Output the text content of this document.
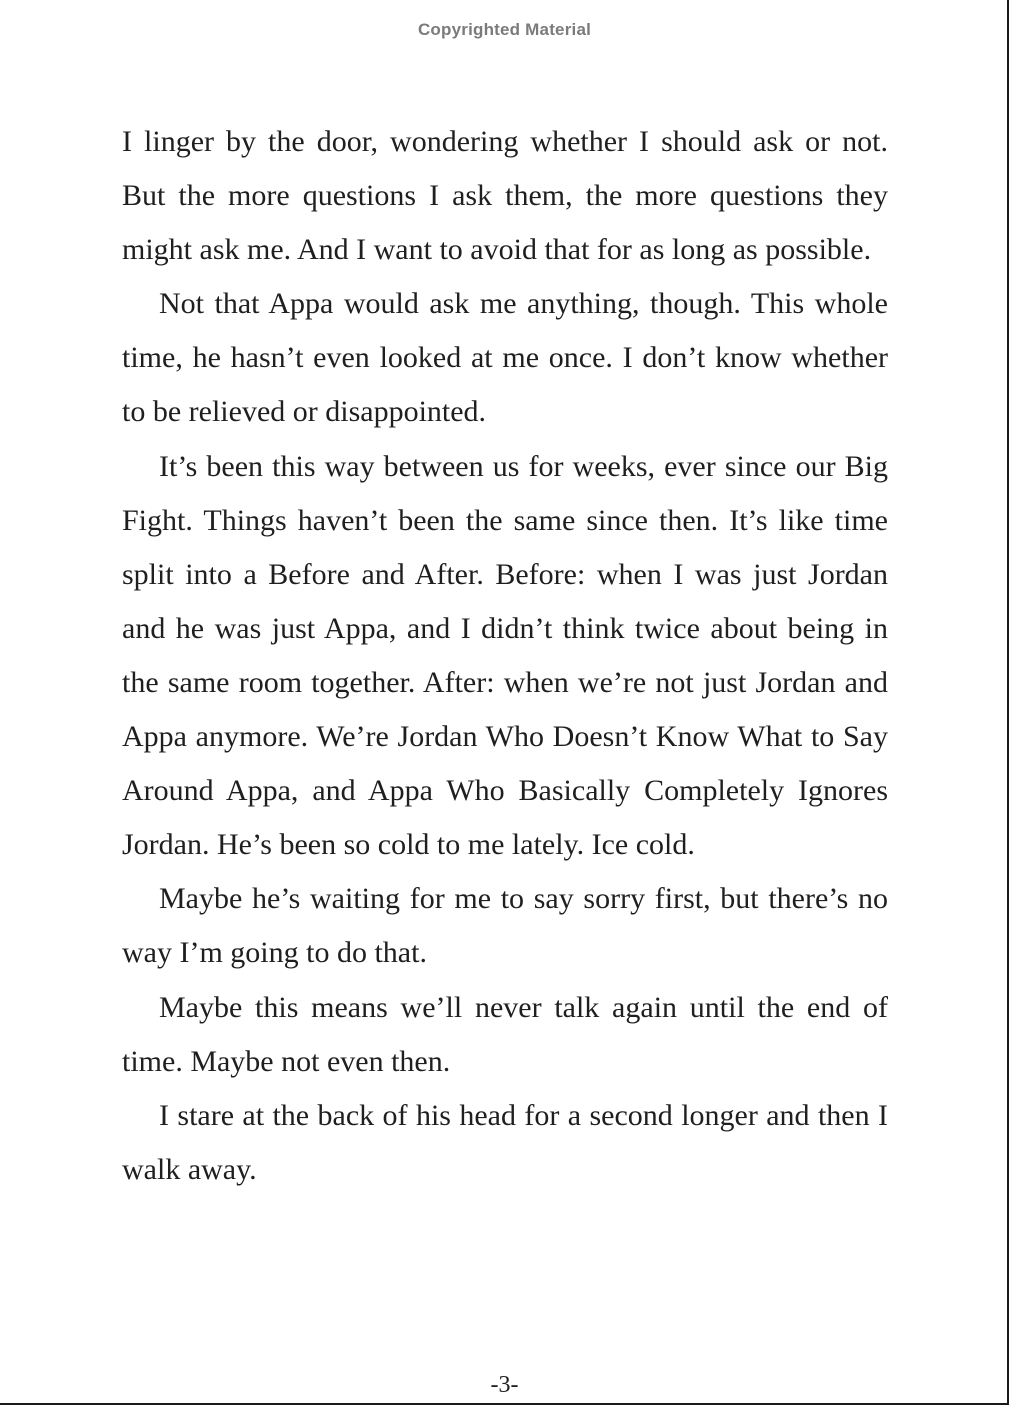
Copyrighted Material

I linger by the door, wondering whether I should ask or not. But the more questions I ask them, the more questions they might ask me. And I want to avoid that for as long as possible.

Not that Appa would ask me anything, though. This whole time, he hasn’t even looked at me once. I don’t know whether to be relieved or disappointed.

It’s been this way between us for weeks, ever since our Big Fight. Things haven’t been the same since then. It’s like time split into a Before and After. Before: when I was just Jordan and he was just Appa, and I didn’t think twice about being in the same room together. After: when we’re not just Jordan and Appa anymore. We’re Jordan Who Doesn’t Know What to Say Around Appa, and Appa Who Basically Completely Ignores Jordan. He’s been so cold to me lately. Ice cold.

Maybe he’s waiting for me to say sorry first, but there’s no way I’m going to do that.

Maybe this means we’ll never talk again until the end of time. Maybe not even then.

I stare at the back of his head for a second longer and then I walk away.

-3-
